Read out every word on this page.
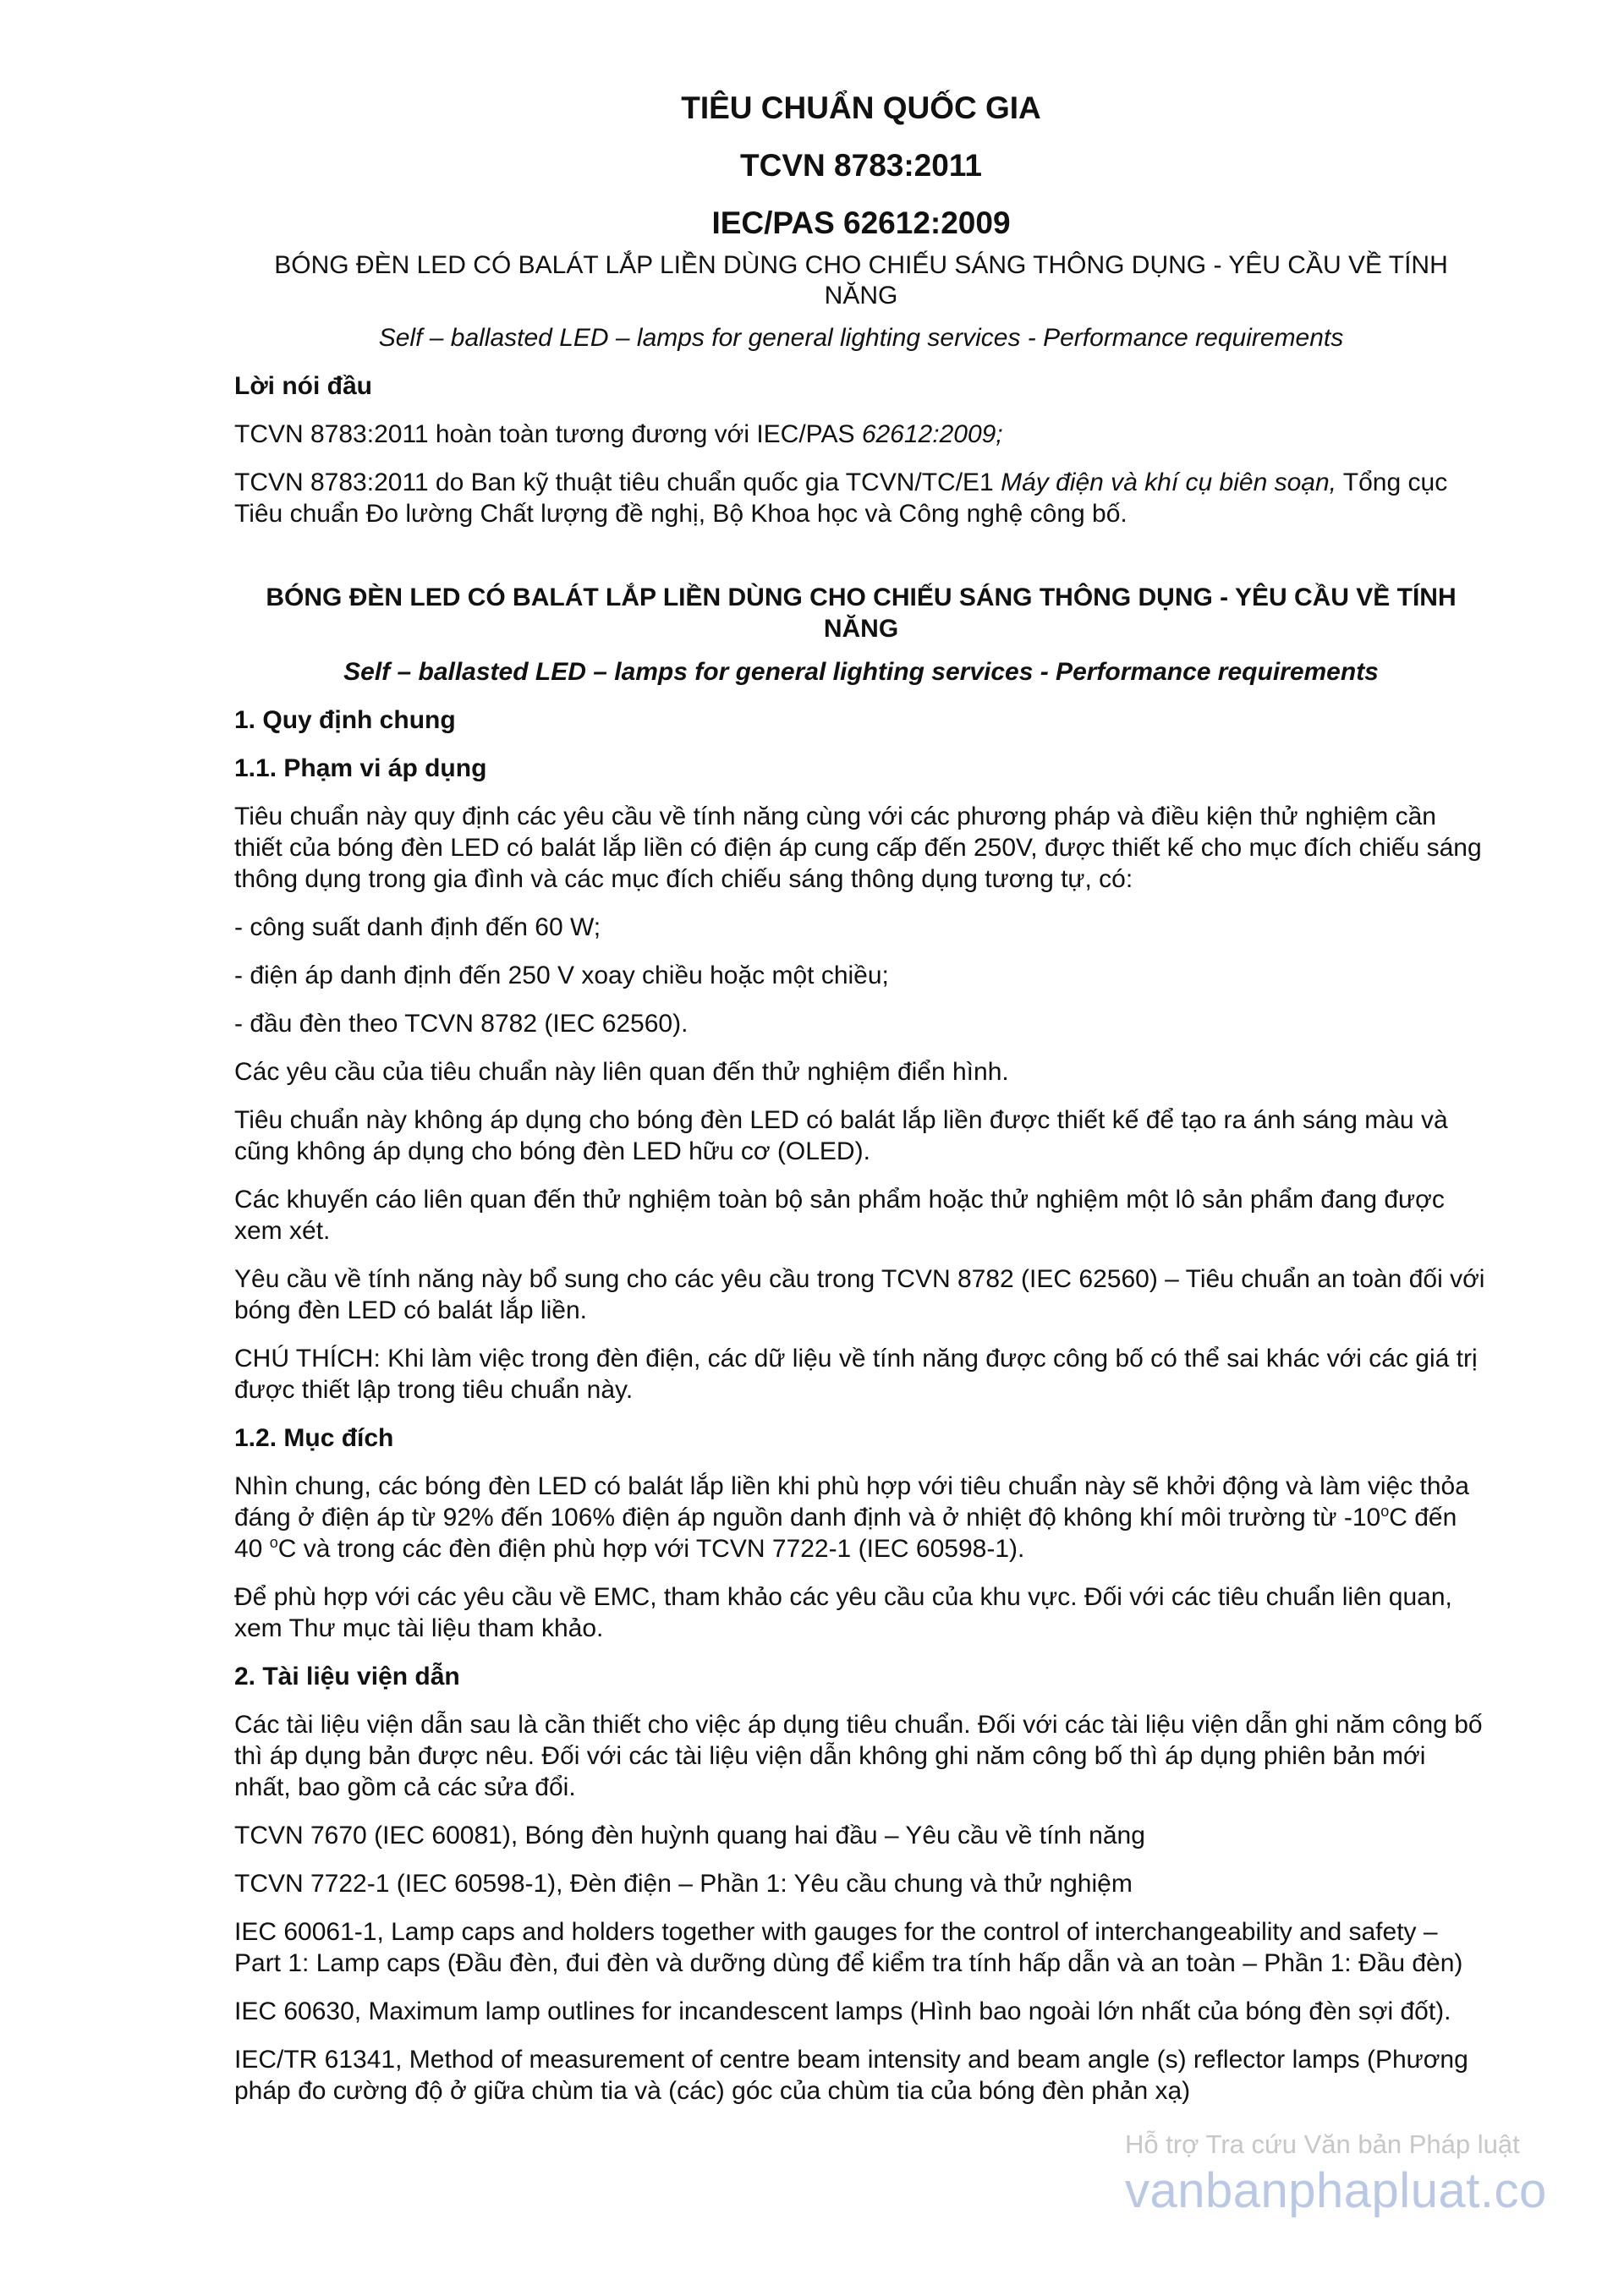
TIÊU CHUẨN QUỐC GIA
TCVN 8783:2011
IEC/PAS 62612:2009
BÓNG ĐÈN LED CÓ BALÁT LẮP LIỀN DÙNG CHO CHIẾU SÁNG THÔNG DỤNG - YÊU CẦU VỀ TÍNH NĂNG
Self – ballasted LED – lamps for general lighting services - Performance requirements
Lời nói đầu

TCVN 8783:2011 hoàn toàn tương đương với IEC/PAS 62612:2009;

TCVN 8783:2011 do Ban kỹ thuật tiêu chuẩn quốc gia TCVN/TC/E1 Máy điện và khí cụ biên soạn, Tổng cục Tiêu chuẩn Đo lường Chất lượng đề nghị, Bộ Khoa học và Công nghệ công bố.

BÓNG ĐÈN LED CÓ BALÁT LẮP LIỀN DÙNG CHO CHIẾU SÁNG THÔNG DỤNG - YÊU CẦU VỀ TÍNH NĂNG
Self – ballasted LED – lamps for general lighting services - Performance requirements
1. Quy định chung
1.1. Phạm vi áp dụng

Tiêu chuẩn này quy định các yêu cầu về tính năng cùng với các phương pháp và điều kiện thử nghiệm cần thiết của bóng đèn LED có balát lắp liền có điện áp cung cấp đến 250V, được thiết kế cho mục đích chiếu sáng thông dụng trong gia đình và các mục đích chiếu sáng thông dụng tương tự, có:

- công suất danh định đến 60 W;

- điện áp danh định đến 250 V xoay chiều hoặc một chiều;

- đầu đèn theo TCVN 8782 (IEC 62560).

Các yêu cầu của tiêu chuẩn này liên quan đến thử nghiệm điển hình.

Tiêu chuẩn này không áp dụng cho bóng đèn LED có balát lắp liền được thiết kế để tạo ra ánh sáng màu và cũng không áp dụng cho bóng đèn LED hữu cơ (OLED).

Các khuyến cáo liên quan đến thử nghiệm toàn bộ sản phẩm hoặc thử nghiệm một lô sản phẩm đang được xem xét.

Yêu cầu về tính năng này bổ sung cho các yêu cầu trong TCVN 8782 (IEC 62560) – Tiêu chuẩn an toàn đối với bóng đèn LED có balát lắp liền.

CHÚ THÍCH: Khi làm việc trong đèn điện, các dữ liệu về tính năng được công bố có thể sai khác với các giá trị được thiết lập trong tiêu chuẩn này.

1.2. Mục đích

Nhìn chung, các bóng đèn LED có balát lắp liền khi phù hợp với tiêu chuẩn này sẽ khởi động và làm việc thỏa đáng ở điện áp từ 92% đến 106% điện áp nguồn danh định và ở nhiệt độ không khí môi trường từ -10$^o$C đến 40 $^o$C và trong các đèn điện phù hợp với TCVN 7722-1 (IEC 60598-1).

Để phù hợp với các yêu cầu về EMC, tham khảo các yêu cầu của khu vực. Đối với các tiêu chuẩn liên quan, xem Thư mục tài liệu tham khảo.

2. Tài liệu viện dẫn

Các tài liệu viện dẫn sau là cần thiết cho việc áp dụng tiêu chuẩn. Đối với các tài liệu viện dẫn ghi năm công bố thì áp dụng bản được nêu. Đối với các tài liệu viện dẫn không ghi năm công bố thì áp dụng phiên bản mới nhất, bao gồm cả các sửa đổi.

TCVN 7670 (IEC 60081), Bóng đèn huỳnh quang hai đầu – Yêu cầu về tính năng

TCVN 7722-1 (IEC 60598-1), Đèn điện – Phần 1: Yêu cầu chung và thử nghiệm

IEC 60061-1, Lamp caps and holders together with gauges for the control of interchangeability and safety – Part 1: Lamp caps (Đầu đèn, đui đèn và dưỡng dùng để kiểm tra tính hấp dẫn và an toàn – Phần 1: Đầu đèn)

IEC 60630, Maximum lamp outlines for incandescent lamps (Hình bao ngoài lớn nhất của bóng đèn sợi đốt).

IEC/TR 61341, Method of measurement of centre beam intensity and beam angle (s) reflector lamps (Phương pháp đo cường độ ở giữa chùm tia và (các) góc của chùm tia của bóng đèn phản xạ)

Hỗ trợ Tra cứu Văn bản Pháp luật
vanbanphapluat.co
